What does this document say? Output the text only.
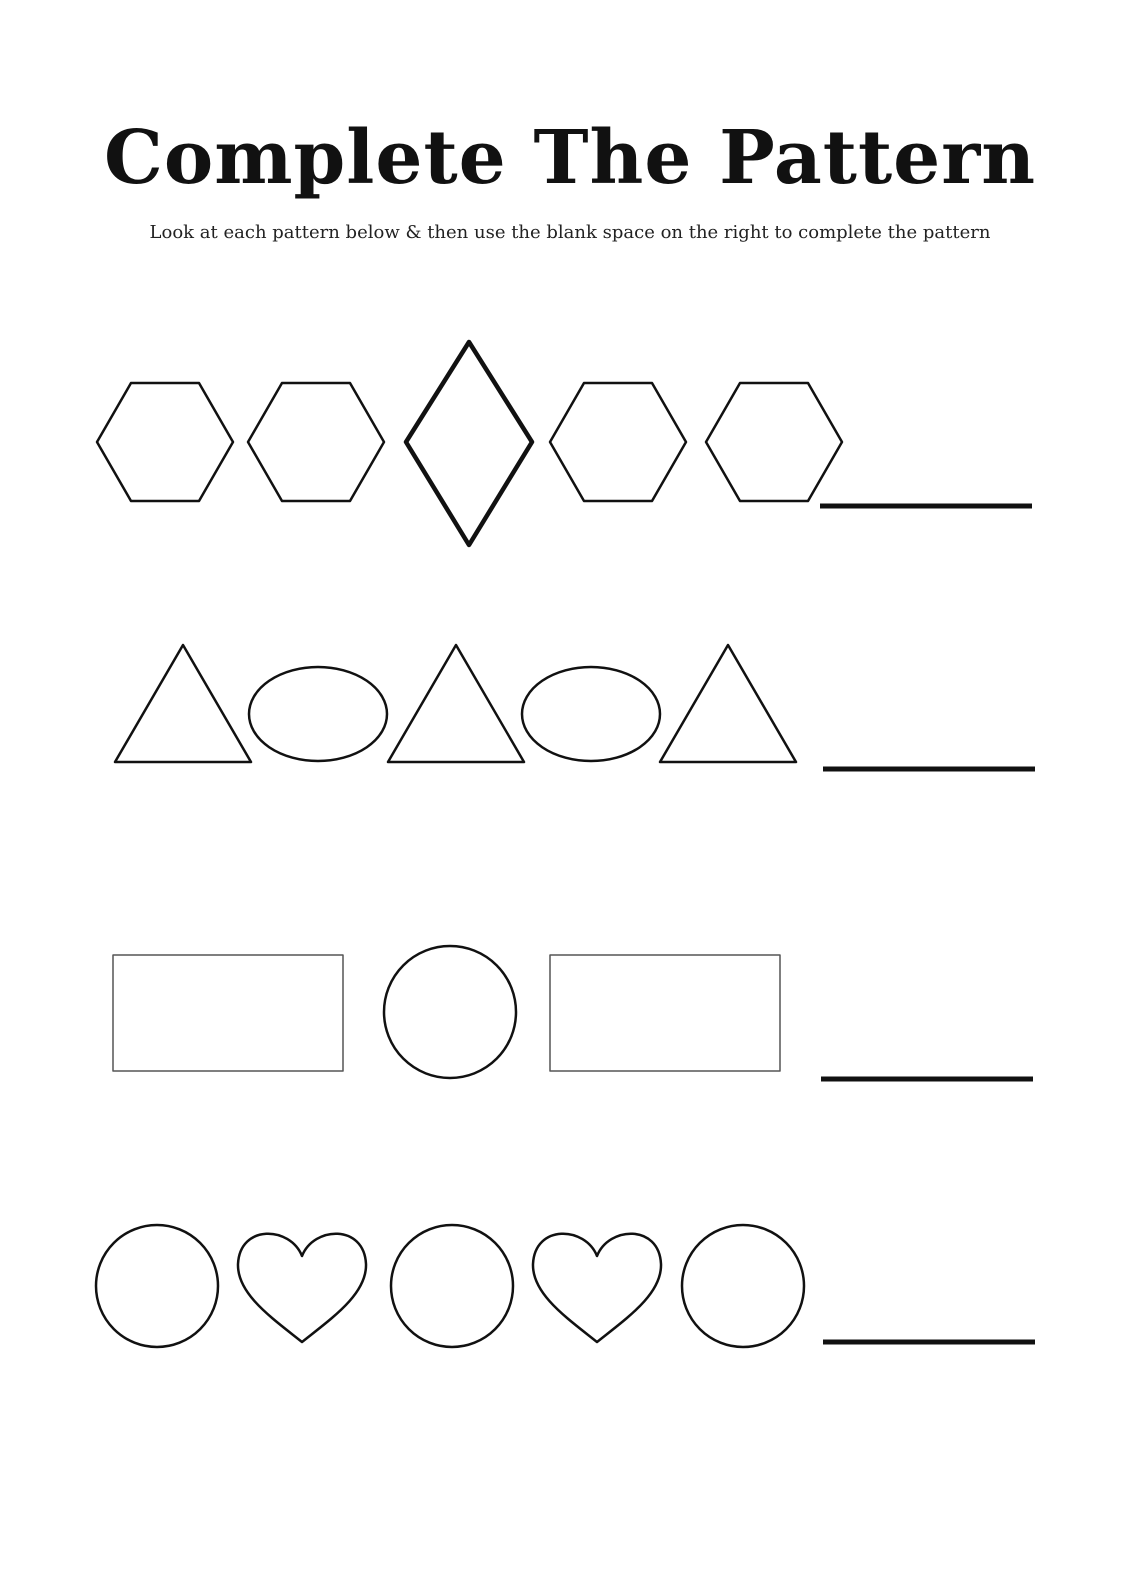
Complete The Pattern
Look at each pattern below & then use the blank space on the right to complete the pattern
